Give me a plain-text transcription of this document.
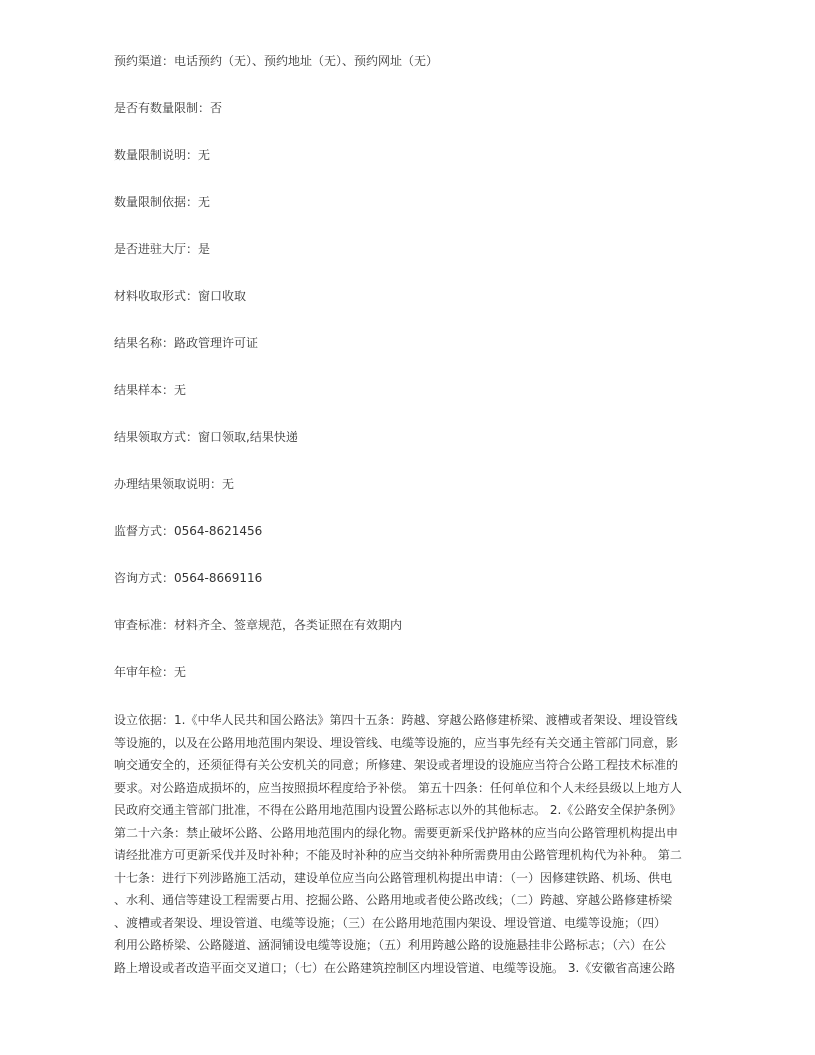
预约渠道：电话预约（无）、预约地址（无）、预约网址（无）
是否有数量限制：否
数量限制说明：无
数量限制依据：无
是否进驻大厅：是
材料收取形式：窗口收取
结果名称：路政管理许可证
结果样本：无
结果领取方式：窗口领取,结果快递
办理结果领取说明：无
监督方式：0564-8621456
咨询方式：0564-8669116
审查标准：材料齐全、签章规范，各类证照在有效期内
年审年检：无
设立依据：1.《中华人民共和国公路法》第四十五条：跨越、穿越公路修建桥梁、渡槽或者架设、埋设管线
等设施的，以及在公路用地范围内架设、埋设管线、电缆等设施的，应当事先经有关交通主管部门同意，影
响交通安全的，还须征得有关公安机关的同意；所修建、架设或者埋设的设施应当符合公路工程技术标准的
要求。对公路造成损坏的，应当按照损坏程度给予补偿。 第五十四条：任何单位和个人未经县级以上地方人
民政府交通主管部门批准，不得在公路用地范围内设置公路标志以外的其他标志。 2.《公路安全保护条例》
第二十六条：禁止破坏公路、公路用地范围内的绿化物。需要更新采伐护路林的应当向公路管理机构提出申
请经批准方可更新采伐并及时补种；不能及时补种的应当交纳补种所需费用由公路管理机构代为补种。 第二
十七条：进行下列涉路施工活动，建设单位应当向公路管理机构提出申请：（一）因修建铁路、机场、供电
、水利、通信等建设工程需要占用、挖掘公路、公路用地或者使公路改线；（二）跨越、穿越公路修建桥梁
、渡槽或者架设、埋设管道、电缆等设施；（三）在公路用地范围内架设、埋设管道、电缆等设施；（四）
利用公路桥梁、公路隧道、涵洞铺设电缆等设施；（五）利用跨越公路的设施悬挂非公路标志；（六）在公
路上增设或者改造平面交叉道口；（七）在公路建筑控制区内埋设管道、电缆等设施。 3.《安徽省高速公路
